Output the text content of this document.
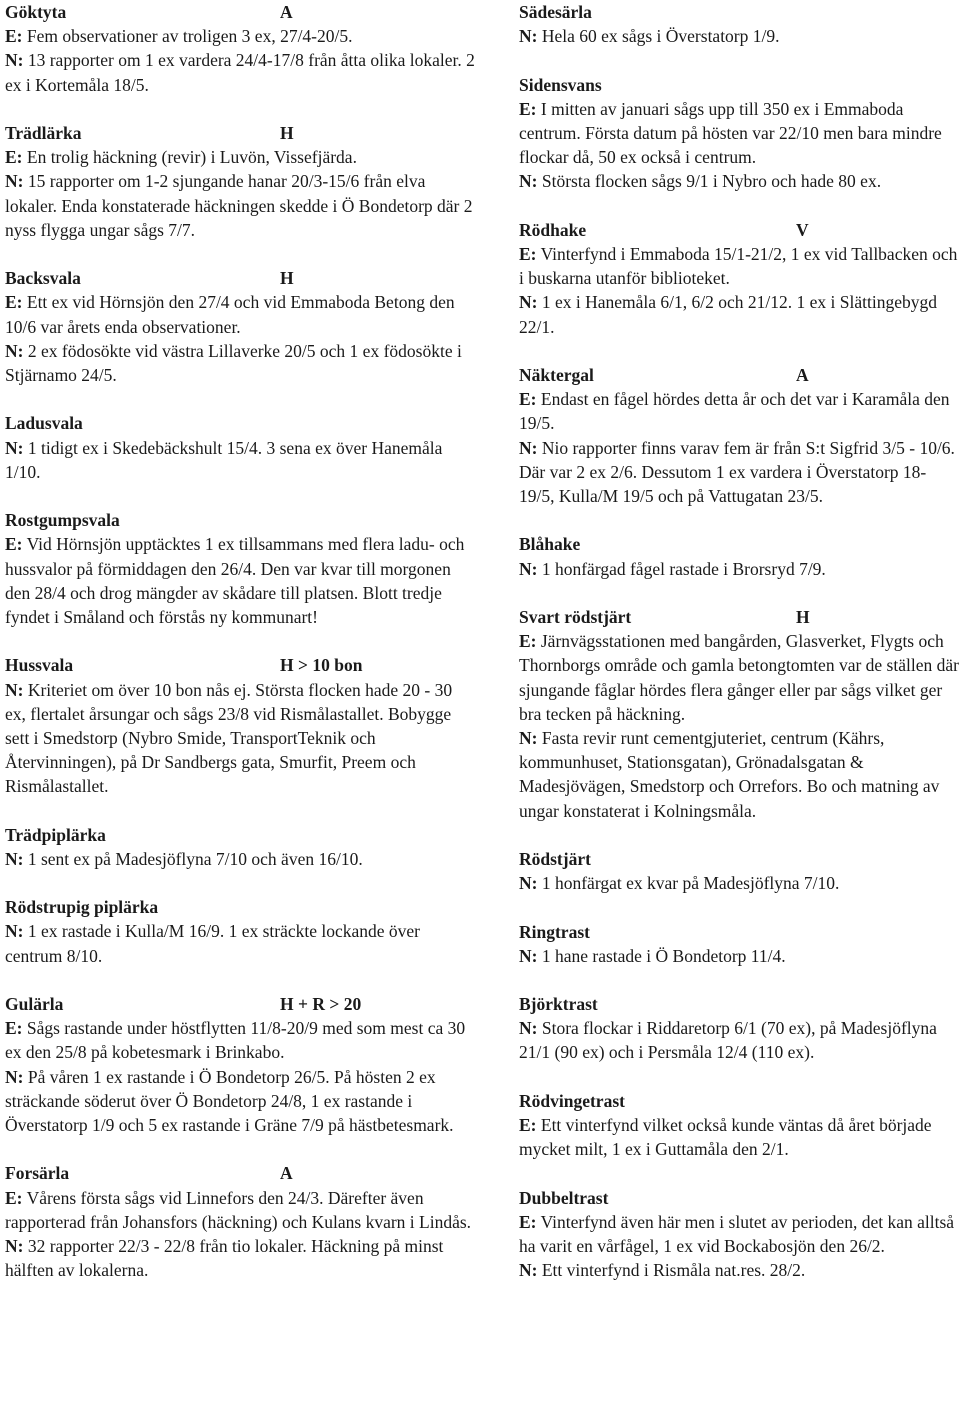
Göktyta	A

E: Fem observationer av troligen 3 ex, 27/4-20/5.

N: 13 rapporter om 1 ex vardera 24/4-17/8 från åtta olika lokaler. 2 ex i Kortemåla 18/5.

Trädlärka	H

E: En trolig häckning (revir) i Luvön, Vissefjärda.

N: 15 rapporter om 1-2 sjungande hanar 20/3-15/6 från elva lokaler. Enda konstaterade häckningen skedde i Ö Bondetorp där 2 nyss flygga ungar sågs 7/7.

Backsvala	H

E: Ett ex vid Hörnsjön den 27/4 och vid Emmaboda Betong den 10/6 var årets enda observationer.

N: 2 ex födosökte vid västra Lillaverke 20/5 och 1 ex födosökte i Stjärnamo 24/5.

Ladusvala

N: 1 tidigt ex i Skedebäckshult 15/4. 3 sena ex över Hanemåla 1/10.

Rostgumpsvala

E: Vid Hörnsjön upptäcktes 1 ex tillsammans med flera ladu- och hussvalor på förmiddagen den 26/4. Den var kvar till morgonen den 28/4 och drog mängder av skådare till platsen. Blott tredje fyndet i Småland och förstås ny kommunart!

Hussvala	H > 10 bon

N: Kriteriet om över 10 bon nås ej. Största flocken hade 20 - 30 ex, flertalet årsungar och sågs 23/8 vid Rismålastallet. Bobygge sett i Smedstorp (Nybro Smide, TransportTeknik och Återvinningen), på Dr Sandbergs gata, Smurfit, Preem och Rismålastallet.

Trädpiplärka

N: 1 sent ex på Madesjöflyna 7/10 och även 16/10.

Rödstrupig piplärka

N: 1 ex rastade i Kulla/M 16/9. 1 ex sträckte lockande över centrum 8/10.

Gulärla	H + R > 20

E: Sågs rastande under höstflytten 11/8-20/9 med som mest ca 30 ex den 25/8 på kobetesmark i Brinkabo.

N: På våren 1 ex rastande i Ö Bondetorp 26/5. På hösten 2 ex sträckande söderut över Ö Bondetorp 24/8, 1 ex rastande i Överstatorp 1/9 och 5 ex rastande i Gräne 7/9 på hästbetesmark.

Forsärla	A

E: Vårens första sågs vid Linnefors den 24/3. Därefter även rapporterad från Johansfors (häckning) och Kulans kvarn i Lindås.

N: 32 rapporter 22/3 - 22/8 från tio lokaler. Häckning på minst hälften av lokalerna.

Sädesärla

N: Hela 60 ex sågs i Överstatorp 1/9.

Sidensvans

E: I mitten av januari sågs upp till 350 ex i Emmaboda centrum. Första datum på hösten var 22/10 men bara mindre flockar då, 50 ex också i centrum.

N: Största flocken sågs 9/1 i Nybro och hade 80 ex.

Rödhake	V

E: Vinterfynd i Emmaboda 15/1-21/2, 1 ex vid Tallbacken och i buskarna utanför biblioteket.

N: 1 ex i Hanemåla 6/1, 6/2 och 21/12. 1 ex i Slättingebygd 22/1.

Näktergal	A

E: Endast en fågel hördes detta år och det var i Karamåla den 19/5.

N: Nio rapporter finns varav fem är från S:t Sigfrid 3/5 - 10/6. Där var 2 ex 2/6. Dessutom 1 ex vardera i Överstatorp 18-19/5, Kulla/M 19/5 och på Vattugatan 23/5.

Blåhake

N: 1 honfärgad fågel rastade i Brorsryd 7/9.

Svart rödstjärt	H

E: Järnvägsstationen med bangården, Glasverket, Flygts och Thornborgs område och gamla betongtomten var de ställen där sjungande fåglar hördes flera gånger eller par sågs vilket ger bra tecken på häckning.

N: Fasta revir runt cementgjuteriet, centrum (Kährs, kommunhuset, Stationsgatan), Grönadalsgatan & Madesjövägen, Smedstorp och Orrefors. Bo och matning av ungar konstaterat i Kolningsmåla.

Rödstjärt

N: 1 honfärgat ex kvar på Madesjöflyna 7/10.

Ringtrast

N: 1 hane rastade i Ö Bondetorp 11/4.

Björktrast

N: Stora flockar i Riddaretorp 6/1 (70 ex), på Madesjöflyna 21/1 (90 ex) och i Persmåla 12/4 (110 ex).

Rödvingetrast

E: Ett vinterfynd vilket också kunde väntas då året började mycket milt, 1 ex i Guttamåla den 2/1.

Dubbeltrast

E: Vinterfynd även här men i slutet av perioden, det kan alltså ha varit en vårfågel, 1 ex vid Bockabosjön den 26/2.

N: Ett vinterfynd i Rismåla nat.res. 28/2.
